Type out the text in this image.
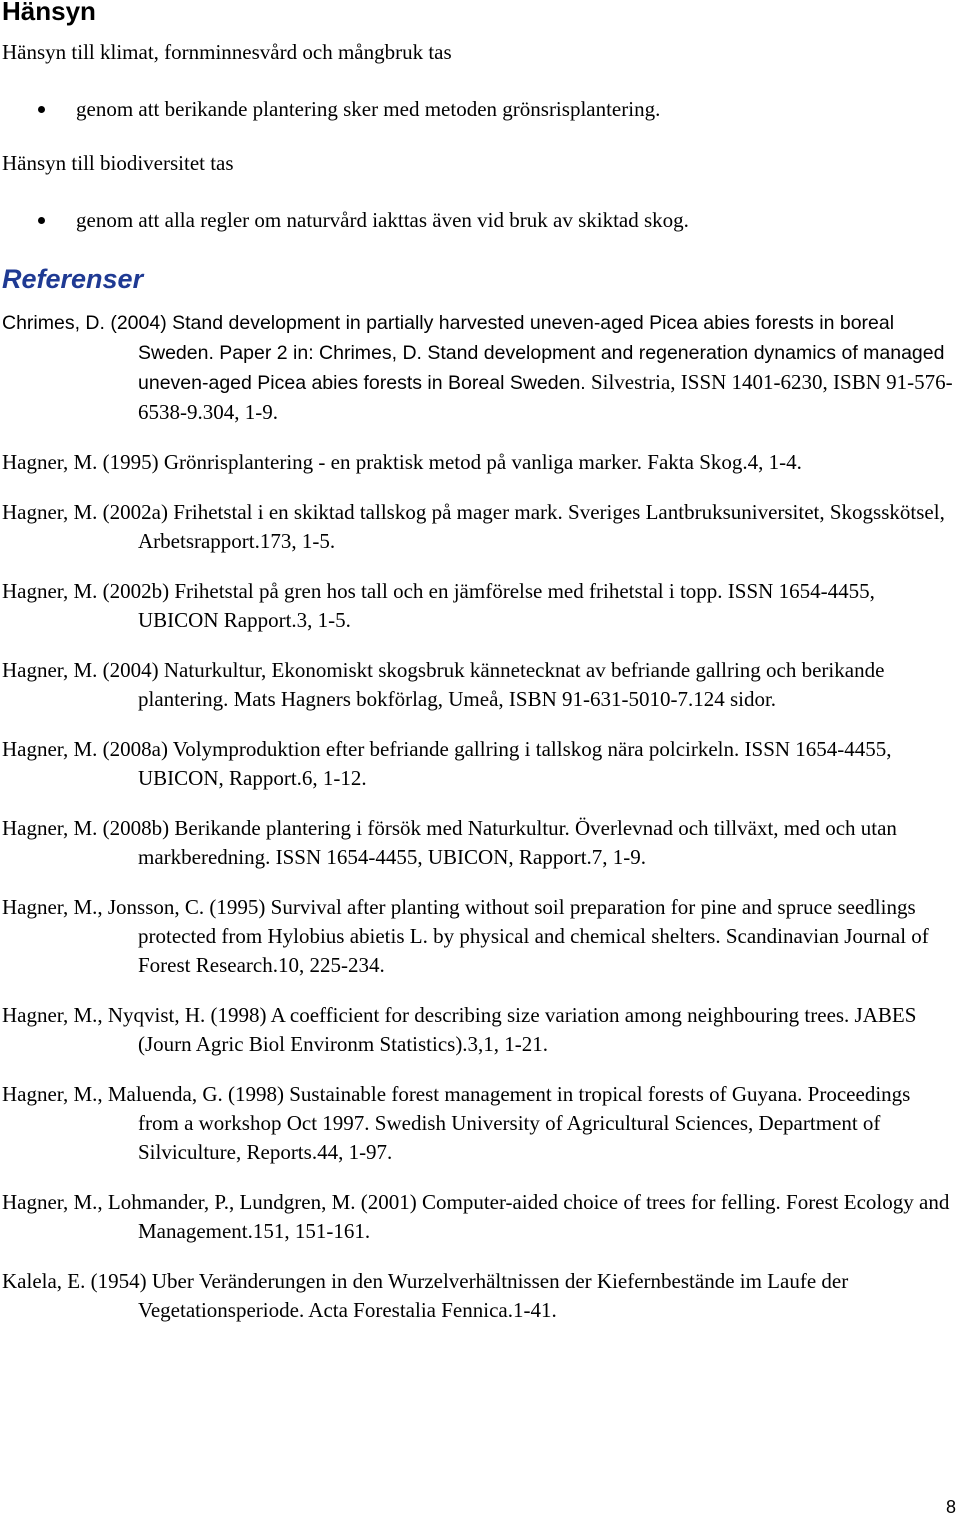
Hänsyn

Hänsyn till klimat, fornminnesvård och mångbruk tas

genom att berikande plantering sker med metoden grönsrisplantering.

Hänsyn till biodiversitet tas

genom att alla regler om naturvård iakttas även vid bruk av skiktad skog.
Referenser

Chrimes, D. (2004) Stand development in partially harvested uneven-aged Picea abies forests in boreal Sweden. Paper 2 in: Chrimes, D. Stand development and regeneration dynamics of managed uneven-aged Picea abies forests in Boreal Sweden. Silvestria, ISSN 1401-6230, ISBN 91-576-6538-9.304, 1-9.

Hagner, M. (1995) Grönrisplantering - en praktisk metod på vanliga marker. Fakta Skog.4, 1-4.

Hagner, M. (2002a) Frihetstal i en skiktad tallskog på mager mark. Sveriges Lantbruksuniversitet, Skogsskötsel, Arbetsrapport.173, 1-5.

Hagner, M. (2002b) Frihetstal på gren hos tall och en jämförelse med frihetstal i topp. ISSN 1654-4455, UBICON Rapport.3, 1-5.

Hagner, M. (2004) Naturkultur, Ekonomiskt skogsbruk kännetecknat av befriande gallring och berikande plantering. Mats Hagners bokförlag, Umeå, ISBN 91-631-5010-7.124 sidor.

Hagner, M. (2008a) Volymproduktion efter befriande gallring i tallskog nära polcirkeln. ISSN 1654-4455, UBICON, Rapport.6, 1-12.

Hagner, M. (2008b) Berikande plantering i försök med Naturkultur. Överlevnad och tillväxt, med och utan markberedning. ISSN 1654-4455, UBICON, Rapport.7, 1-9.

Hagner, M., Jonsson, C. (1995) Survival after planting without soil preparation for pine and spruce seedlings protected from Hylobius abietis L. by physical and chemical shelters. Scandinavian Journal of Forest Research.10, 225-234.

Hagner, M., Nyqvist, H. (1998) A coefficient for describing size variation among neighbouring trees. JABES (Journ Agric Biol Environm Statistics).3,1, 1-21.

Hagner, M., Maluenda, G. (1998) Sustainable forest management in tropical forests of Guyana. Proceedings from a workshop Oct 1997. Swedish University of Agricultural Sciences, Department of Silviculture, Reports.44, 1-97.

Hagner, M., Lohmander, P., Lundgren, M. (2001) Computer-aided choice of trees for felling. Forest Ecology and Management.151, 151-161.

Kalela, E. (1954) Uber Veränderungen in den Wurzelverhältnissen der Kiefernbestände im Laufe der Vegetationsperiode. Acta Forestalia Fennica.1-41.

8
